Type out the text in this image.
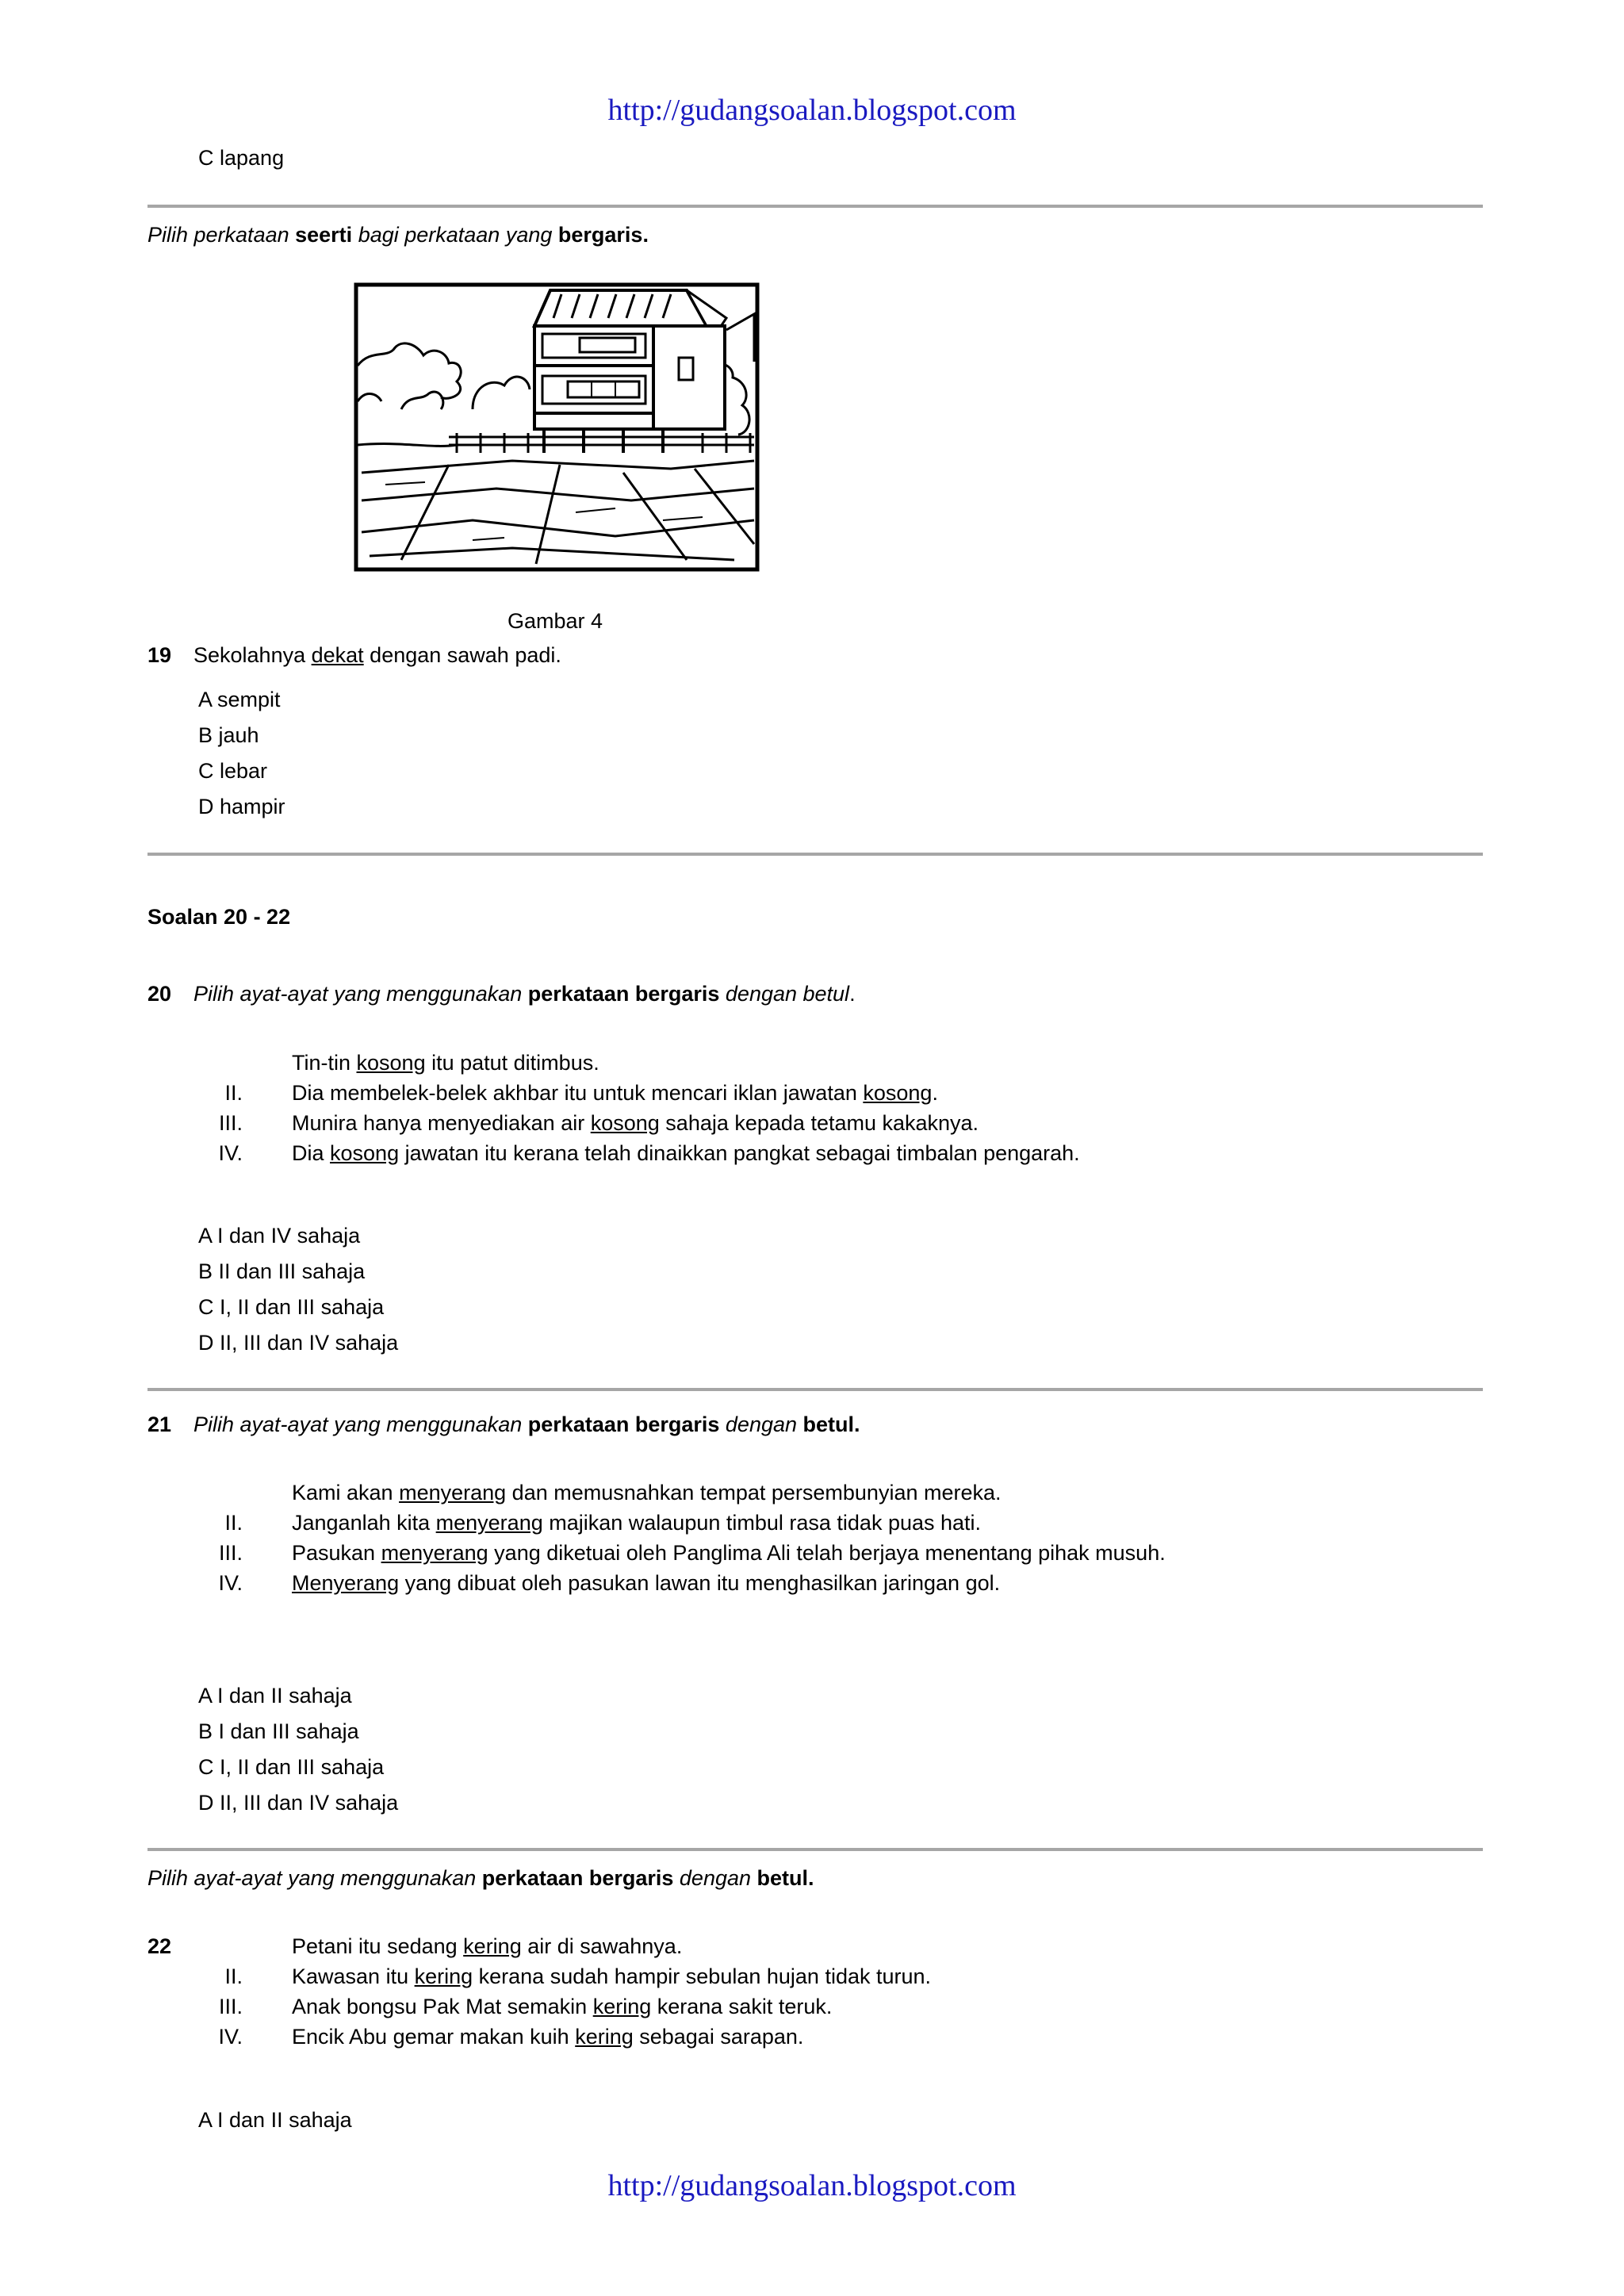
http://gudangsoalan.blogspot.com
C lapang
Pilih perkataan seerti bagi perkataan yang bergaris.
Gambar 4
19 Sekolahnya dekat dengan sawah padi.
A sempit
B jauh
C lebar
D hampir
Soalan 20 - 22
20 Pilih ayat-ayat yang menggunakan perkataan bergaris dengan betul.
Tin-tin kosong itu patut ditimbus.
II. Dia membelek-belek akhbar itu untuk mencari iklan jawatan kosong.
III. Munira hanya menyediakan air kosong sahaja kepada tetamu kakaknya.
IV. Dia kosong jawatan itu kerana telah dinaikkan pangkat sebagai timbalan pengarah.
A I dan IV sahaja
B II dan III sahaja
C I, II dan III sahaja
D II, III dan IV sahaja
21 Pilih ayat-ayat yang menggunakan perkataan bergaris dengan betul.
Kami akan menyerang dan memusnahkan tempat persembunyian mereka.
II. Janganlah kita menyerang majikan walaupun timbul rasa tidak puas hati.
III. Pasukan menyerang yang diketuai oleh Panglima Ali telah berjaya menentang pihak musuh.
IV. Menyerang yang dibuat oleh pasukan lawan itu menghasilkan jaringan gol.
A I dan II sahaja
B I dan III sahaja
C I, II dan III sahaja
D II, III dan IV sahaja
Pilih ayat-ayat yang menggunakan perkataan bergaris dengan betul.
22	Petani itu sedang kering air di sawahnya.
II. Kawasan itu kering kerana sudah hampir sebulan hujan tidak turun.
III. Anak bongsu Pak Mat semakin kering kerana sakit teruk.
IV. Encik Abu gemar makan kuih kering sebagai sarapan.
A I dan II sahaja
http://gudangsoalan.blogspot.com
